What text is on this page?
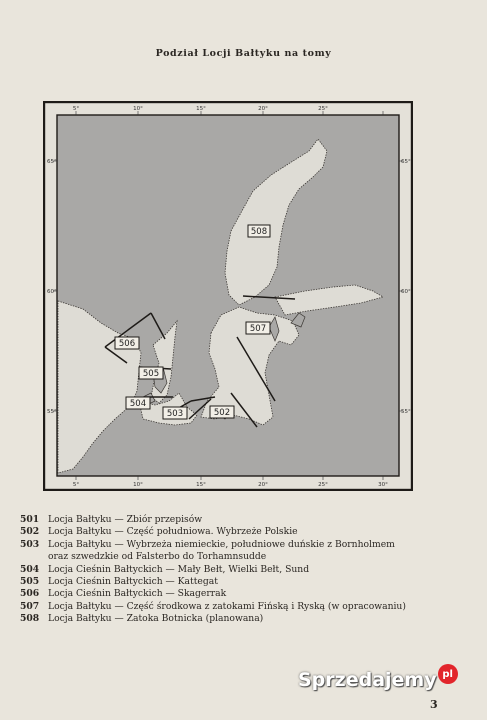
Podział Locji Bałtyku na tomy
5°	10°	15°	20°	25°
5°	10°	15°	20°	25°	30°
65°
60°
55°
65°
60°
55°
508
507
506
505
504
503	502
501 Locja Bałtyku — Zbiór przepisów
502 Locja Bałtyku — Część południowa. Wybrzeże Polskie
503 Locja Bałtyku — Wybrzeża niemieckie, południowe duńskie z Bornholmem
oraz szwedzkie od Falsterbo do Torhamnsudde
504 Locja Cieśnin Bałtyckich — Mały Bełt, Wielki Bełt, Sund
505 Locja Cieśnin Bałtyckich — Kattegat
506 Locja Cieśnin Bałtyckich — Skagerrak
507 Locja Bałtyku — Część środkowa z zatokami Fińską i Ryską (w opracowaniu)
508 Locja Bałtyku — Zatoka Botnicka (planowana)
Sprzedajemy pl
3
